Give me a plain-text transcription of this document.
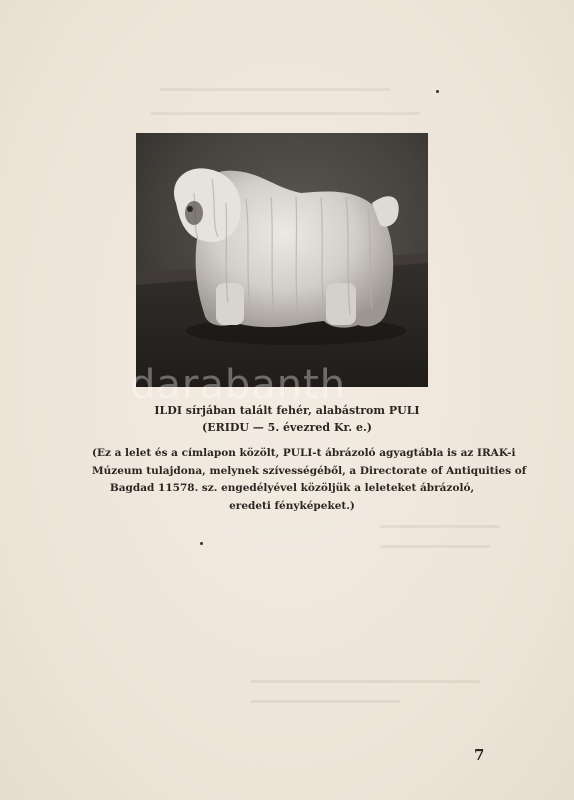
darabanth
ILDI sírjában talált fehér, alabástrom PULI
(ERIDU — 5. évezred Kr. e.)
(Ez a lelet és a címlapon közölt, PULI-t ábrázoló agyagtábla is az IRAK-i
Múzeum tulajdona, melynek szívességéből, a Directorate of Antiquities of
Bagdad 11578. sz. engedélyével közöljük a leleteket ábrázoló,
eredeti fényképeket.)
7
